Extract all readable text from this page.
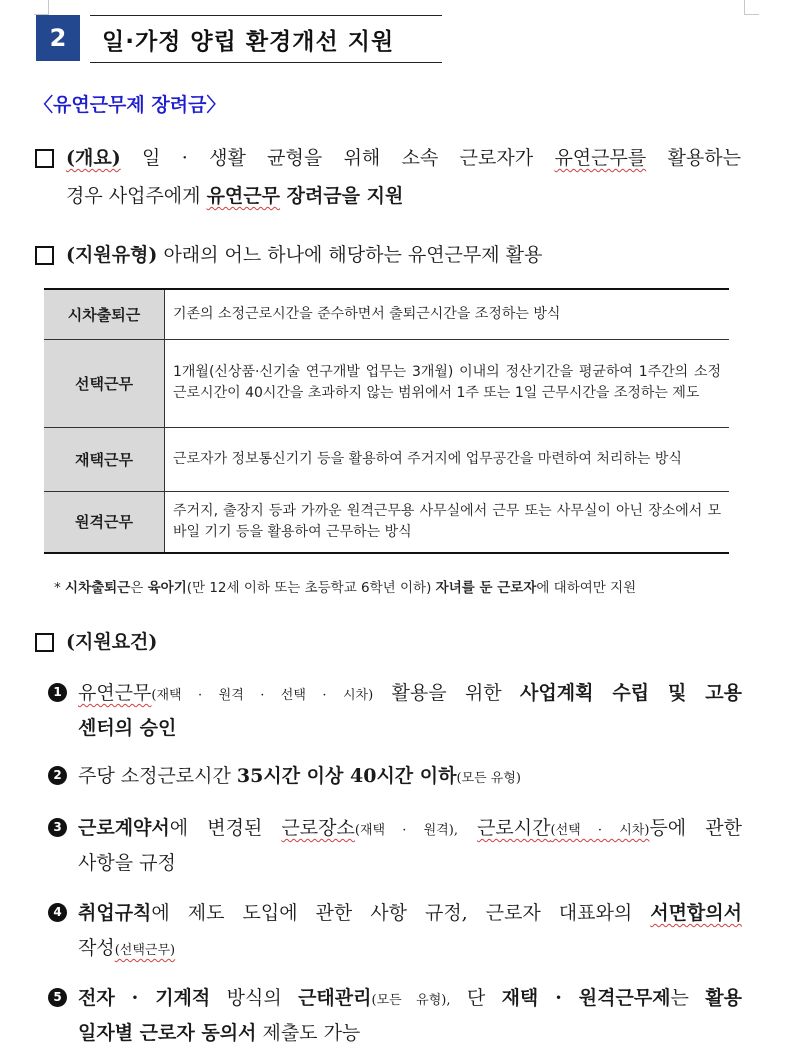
2	일·가정 양립 환경개선 지원
〈유연근무제 장려금〉
(개요) 일 · 생활 균형을 위해 소속 근로자가 유연근무를 활용하는
경우 사업주에게 유연근무 장려금을 지원
(지원유형) 아래의 어느 하나에 해당하는 유연근무제 활용
시차출퇴근	기존의 소정근로시간을 준수하면서 출퇴근시간을 조정하는 방식
선택근무	1개월(신상품·신기술 연구개발 업무는 3개월) 이내의 정산기간을 평균하여 1주간의 소정근로시간이 40시간을 초과하지 않는 범위에서 1주 또는 1일 근무시간을 조정하는 제도
재택근무	근로자가 정보통신기기 등을 활용하여 주거지에 업무공간을 마련하여 처리하는 방식
원격근무	주거지, 출장지 등과 가까운 원격근무용 사무실에서 근무 또는 사무실이 아닌 장소에서 모바일 기기 등을 활용하여 근무하는 방식
* 시차출퇴근은 육아기(만 12세 이하 또는 초등학교 6학년 이하) 자녀를 둔 근로자에 대하여만 지원
(지원요건)
1 유연근무(재택 · 원격 · 선택 · 시차) 활용을 위한 사업계획 수립 및 고용
센터의 승인
2 주당 소정근로시간 35시간 이상 40시간 이하(모든 유형)
3 근로계약서에 변경된 근로장소(재택 · 원격), 근로시간(선택 · 시차)등에 관한
사항을 규정
4 취업규칙에 제도 도입에 관한 사항 규정, 근로자 대표와의 서면합의서
작성(선택근무)
5 전자 · 기계적 방식의 근태관리(모든 유형), 단 재택 · 원격근무제는 활용
일자별 근로자 동의서 제출도 가능
